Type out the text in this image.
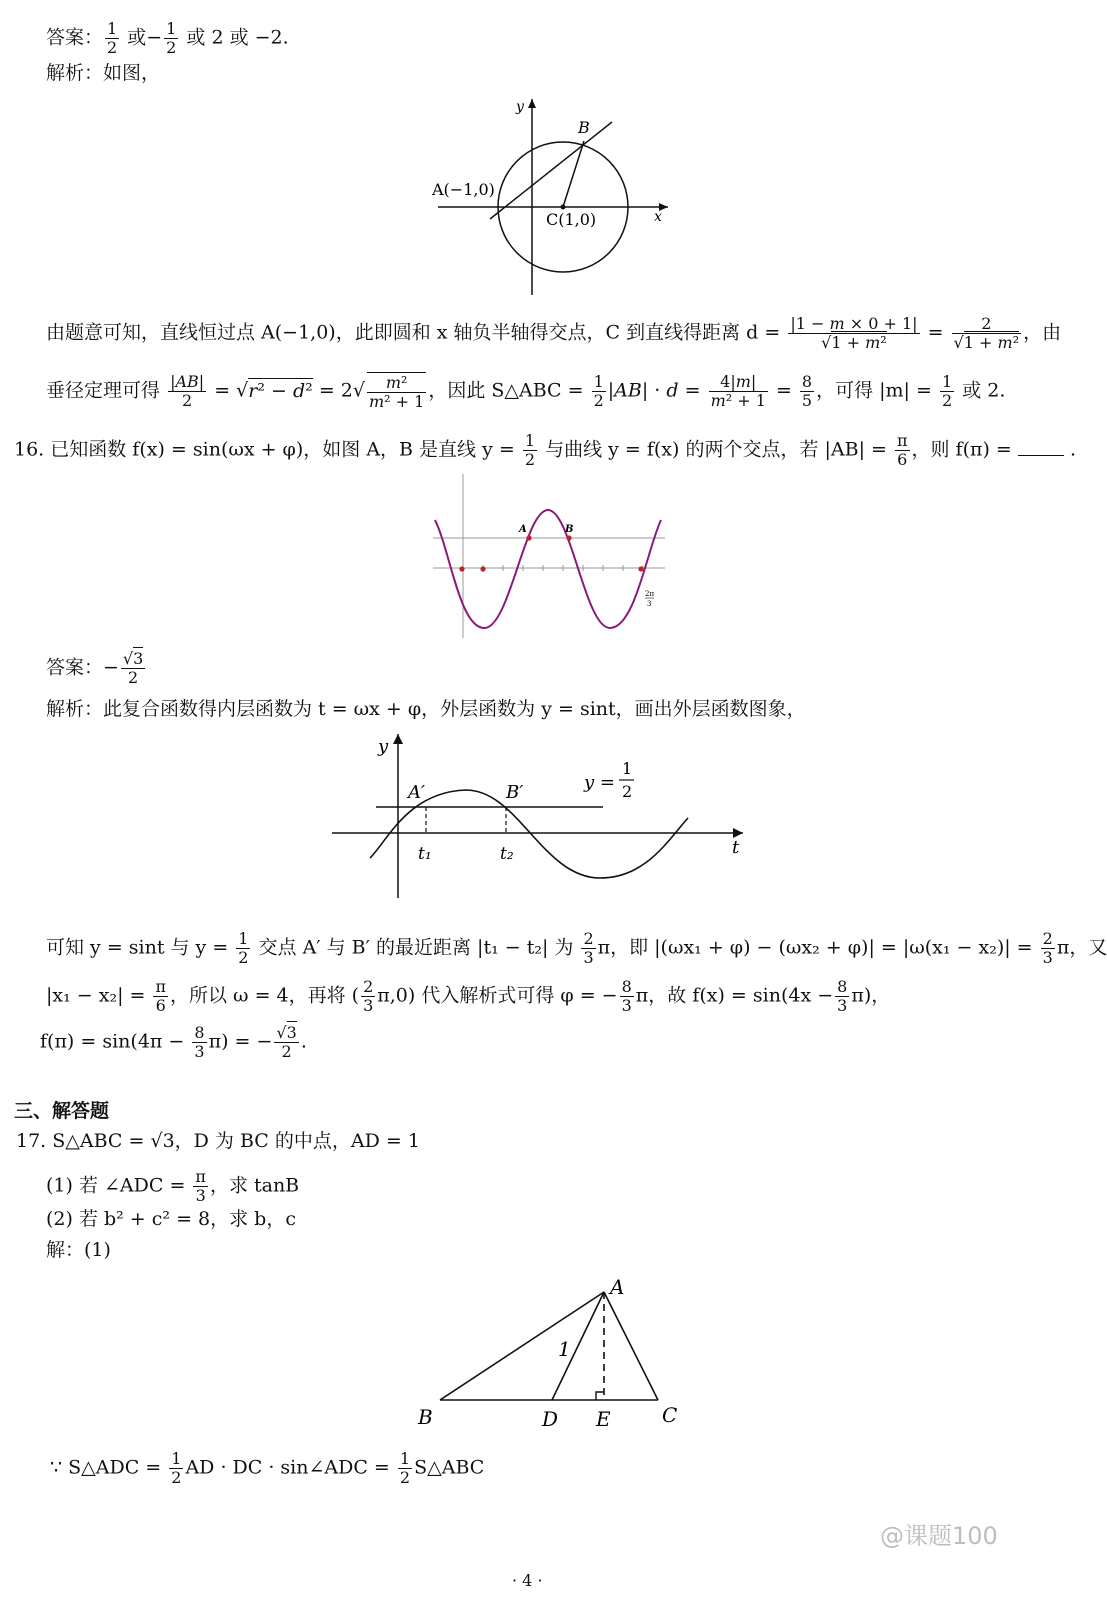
答案： $\frac{1}{2}$ 或− $\frac{1}{2}$ 或 2 或 −2.
解析：如图，
y
x
B
A(−1,0)
C(1,0)
由题意可知，直线恒过点 A(−1,0)，此即圆和 x 轴负半轴得交点，C 到直线得距离 $d = \frac{|1 - m \times 0 + 1|}{\text{√1 + m²}} = \frac{2}{\text{√1 + m²}}$ ，由
垂径定理可得 $\frac{|AB|}{2} = √r^2 - d^2 = 2√ \frac{\text{m²}}{\text{m² + 1}}$ ，因此 S△ABC = $\frac{1}{2} |AB| \cdot d = \frac{4|m|}{\text{m² + 1}} = \frac{8}{5}$ ，可得 $|m| = \frac{1}{2}$ 或 2.
16. 已知函数 f(x) = sin(ωx + φ)，如图 A，B 是直线 $y = \frac{1}{2}$ 与曲线 y = f(x) 的两个交点，若 $|AB| = \frac{\pi}{6}$ ，则 f(π) =	.
A	B
2π
3
答案：− $\frac{√3}{2}$
解析：此复合函数得内层函数为 t = ωx + φ，外层函数为 y = sint，画出外层函数图象，
y
t
A′	B′
t₁	t₂
y =
1
2
可知 y = sint 与 $y = \frac{1}{2}$ 交点 A′ 与 B′ 的最近距离 |t₁ − t₂| 为 $\frac{2}{3}$ π，即 $|(\omega x_1 + \varphi) - (\omega x_2 + \varphi)| = |\omega(x_1 - x_2)| = \frac{2}{3}$ π，又
$|x_1 - x_2| = \frac{\pi}{6}$ ，所以 ω = 4，再将 ( $\frac{2}{3} \pi,0$) 代入解析式可得 φ = − $\frac{8}{3}$ π，故 $f(x) = \sin(4x - \frac{8}{3} \pi)$，
$f(\pi) = \sin(4\pi - \frac{8}{3} \pi)$ = − $\frac{√3}{2}$ .
三、解答题
17. S△ABC = √3，D 为 BC 的中点，AD = 1
(1) 若 ∠ADC = $\frac{\pi}{3}$ ，求 tanB
(2) 若 b² + c² = 8，求 b，c
解：(1)
A
B	C
D E
1
∵ S△ADC = $\frac{1}{2}$ AD · DC · sin∠ADC = $\frac{1}{2}$ S△ABC
@课题100
· 4 ·
